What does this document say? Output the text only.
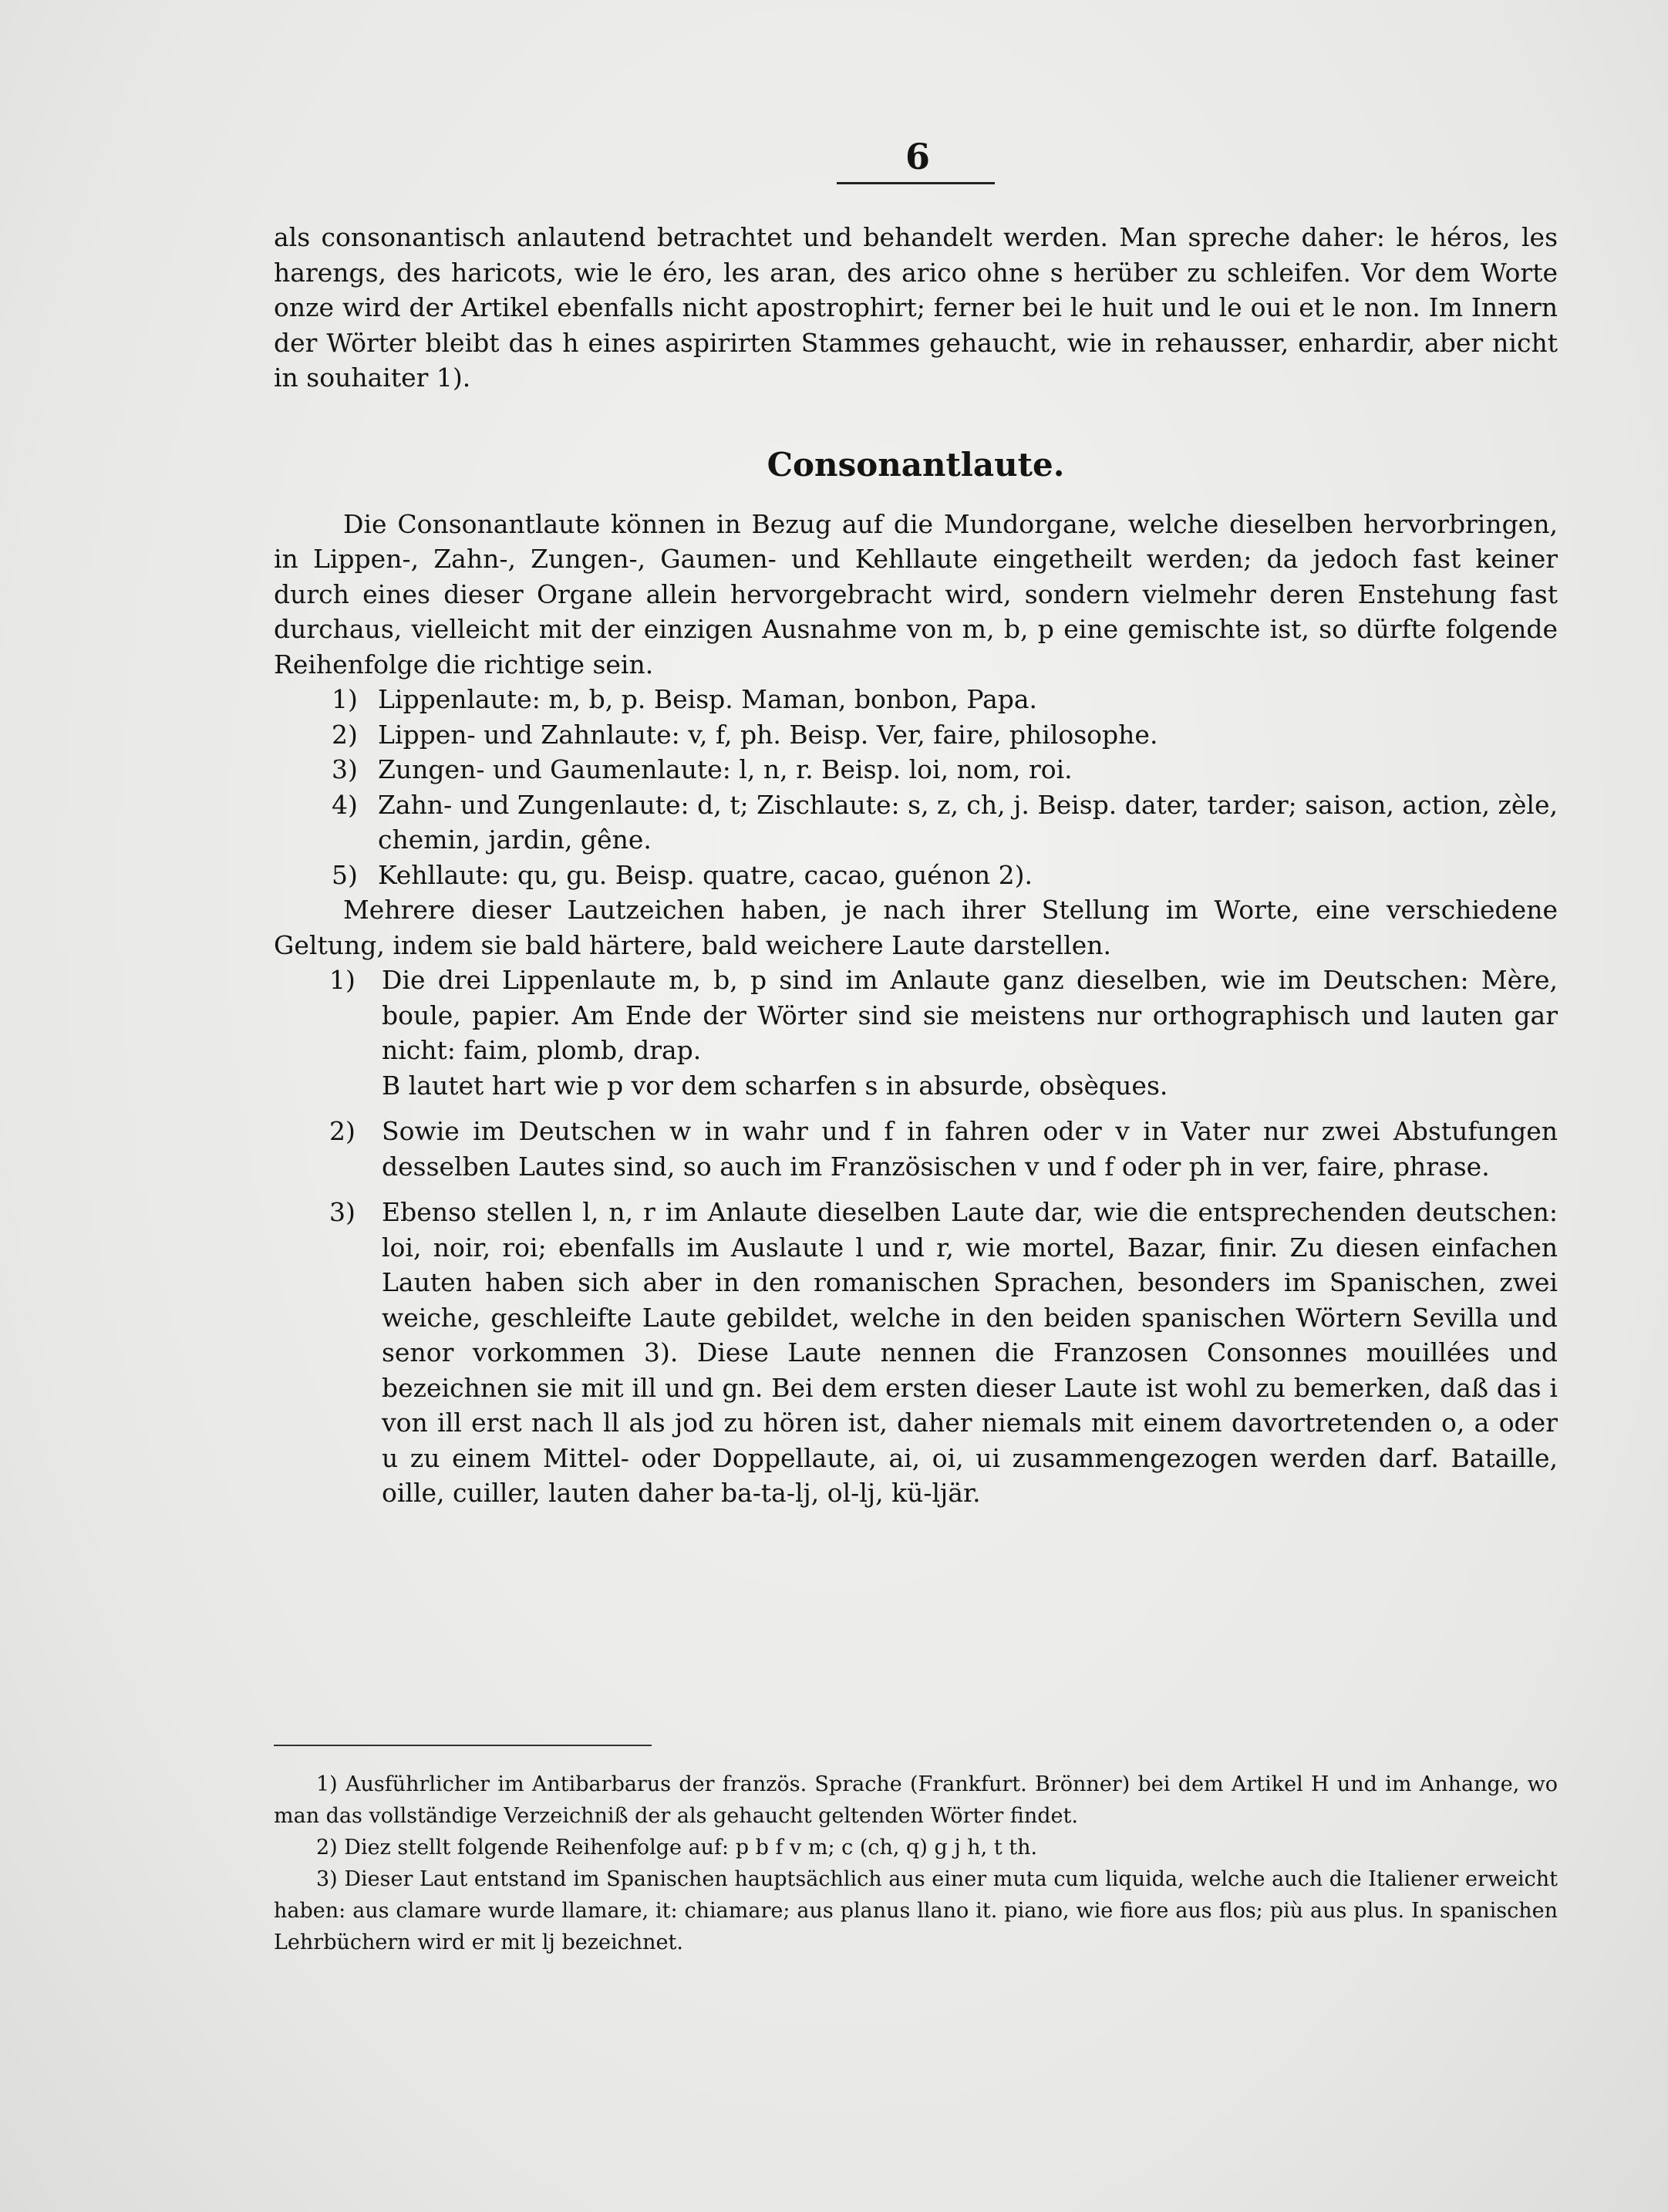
6

als consonantisch anlautend betrachtet und behandelt werden. Man spreche daher: le héros, les harengs, des haricots, wie le éro, les aran, des arico ohne s herüber zu schleifen. Vor dem Worte onze wird der Artikel ebenfalls nicht apostrophirt; ferner bei le huit und le oui et le non. Im Innern der Wörter bleibt das h eines aspirirten Stammes gehaucht, wie in rehausser, enhardir, aber nicht in souhaiter 1).

Consonantlaute.

Die Consonantlaute können in Bezug auf die Mundorgane, welche dieselben hervorbringen, in Lippen-, Zahn-, Zungen-, Gaumen- und Kehllaute eingetheilt werden; da jedoch fast keiner durch eines dieser Organe allein hervorgebracht wird, sondern vielmehr deren Enstehung fast durchaus, vielleicht mit der einzigen Ausnahme von m, b, p eine gemischte ist, so dürfte folgende Reihenfolge die richtige sein.

1) Lippenlaute: m, b, p. Beisp. Maman, bonbon, Papa.

2) Lippen- und Zahnlaute: v, f, ph. Beisp. Ver, faire, philosophe.

3) Zungen- und Gaumenlaute: l, n, r. Beisp. loi, nom, roi.

4) Zahn- und Zungenlaute: d, t; Zischlaute: s, z, ch, j. Beisp. dater, tarder; saison, action, zèle, chemin, jardin, gêne.

5) Kehllaute: qu, gu. Beisp. quatre, cacao, guénon 2).

Mehrere dieser Lautzeichen haben, je nach ihrer Stellung im Worte, eine verschiedene Geltung, indem sie bald härtere, bald weichere Laute darstellen.

1) Die drei Lippenlaute m, b, p sind im Anlaute ganz dieselben, wie im Deutschen: Mère, boule, papier. Am Ende der Wörter sind sie meistens nur orthographisch und lauten gar nicht: faim, plomb, drap.

B lautet hart wie p vor dem scharfen s in absurde, obsèques.

2) Sowie im Deutschen w in wahr und f in fahren oder v in Vater nur zwei Abstufungen desselben Lautes sind, so auch im Französischen v und f oder ph in ver, faire, phrase.

3) Ebenso stellen l, n, r im Anlaute dieselben Laute dar, wie die entsprechenden deutschen: loi, noir, roi; ebenfalls im Auslaute l und r, wie mortel, Bazar, finir. Zu diesen einfachen Lauten haben sich aber in den romanischen Sprachen, besonders im Spanischen, zwei weiche, geschleifte Laute gebildet, welche in den beiden spanischen Wörtern Sevilla und senor vorkommen 3). Diese Laute nennen die Franzosen Consonnes mouillées und bezeichnen sie mit ill und gn. Bei dem ersten dieser Laute ist wohl zu bemerken, daß das i von ill erst nach ll als jod zu hören ist, daher niemals mit einem davortretenden o, a oder u zu einem Mittel- oder Doppellaute, ai, oi, ui zusammengezogen werden darf. Bataille, oille, cuiller, lauten daher ba-ta-lj, ol-lj, kü-ljär.

1) Ausführlicher im Antibarbarus der französ. Sprache (Frankfurt. Brönner) bei dem Artikel H und im Anhange, wo man das vollständige Verzeichniß der als gehaucht geltenden Wörter findet.

2) Diez stellt folgende Reihenfolge auf: p b f v m; c (ch, q) g j h, t th.

3) Dieser Laut entstand im Spanischen hauptsächlich aus einer muta cum liquida, welche auch die Italiener erweicht haben: aus clamare wurde llamare, it: chiamare; aus planus llano it. piano, wie fiore aus flos; più aus plus. In spanischen Lehrbüchern wird er mit lj bezeichnet.
